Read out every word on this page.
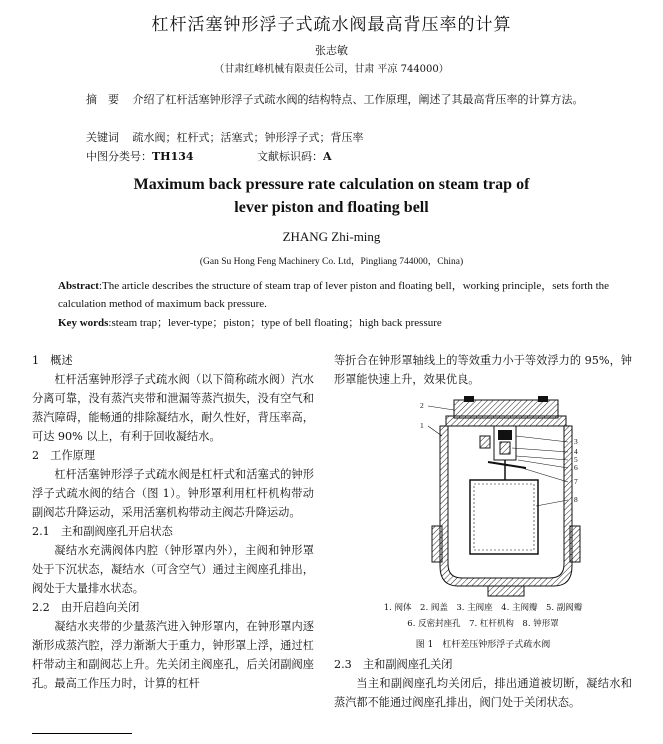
杠杆活塞钟形浮子式疏水阀最高背压率的计算
张志敏
（甘肃红峰机械有限责任公司，甘肃 平凉 744000）
摘　要 介绍了杠杆活塞钟形浮子式疏水阀的结构特点、工作原理，阐述了其最高背压率的计算方法。
关键词 疏水阀；杠杆式；活塞式；钟形浮子式；背压率
中图分类号：TH134	文献标识码：A
Maximum back pressure rate calculation on steam trap of
lever piston and floating bell
ZHANG Zhi-ming
(Gan Su Hong Feng Machinery Co. Ltd，Pingliang 744000，China)
Abstract:The article describes the structure of steam trap of lever piston and floating bell，working principle，sets forth the calculation method of maximum back pressure.
Key words:steam trap；lever-type；piston；type of bell floating；high back pressure
1　概述

杠杆活塞钟形浮子式疏水阀（以下简称疏水阀）汽水分离可靠，没有蒸汽夹带和泄漏等蒸汽损失，没有空气和蒸汽障碍，能畅通的排除凝结水，耐久性好，背压率高，可达 90% 以上，有利于回收凝结水。

2　工作原理

杠杆活塞钟形浮子式疏水阀是杠杆式和活塞式的钟形浮子式疏水阀的结合（图 1）。钟形罩利用杠杆机构带动副阀芯升降运动，采用活塞机构带动主阀芯升降运动。

2.1　主和副阀座孔开启状态

凝结水充满阀体内腔（钟形罩内外），主阀和钟形罩处于下沉状态，凝结水（可含空气）通过主阀座孔排出，阀处于大量排水状态。

2.2　由开启趋向关闭

凝结水夹带的少量蒸汽进入钟形罩内，在钟形罩内逐渐形成蒸汽腔，浮力渐渐大于重力，钟形罩上浮，通过杠杆带动主和副阀芯上升。先关闭主阀座孔，后关闭副阀座孔。最高工作压力时，计算的杠杆

等折合在钟形罩轴线上的等效重力小于等效浮力的 95%，钟形罩能快速上升，效果优良。

2
1
3
4
5
6
7
8
1. 阀体　2. 阀盖　3. 主阀座　4. 主阀瓣　5. 副阀瓣
6. 反密封座孔　7. 杠杆机构　8. 钟形罩
图 1　杠杆差压钟形浮子式疏水阀
2.3　主和副阀座孔关闭

当主和副阀座孔均关闭后，排出通道被切断，凝结水和蒸汽都不能通过阀座孔排出，阀门处于关闭状态。
